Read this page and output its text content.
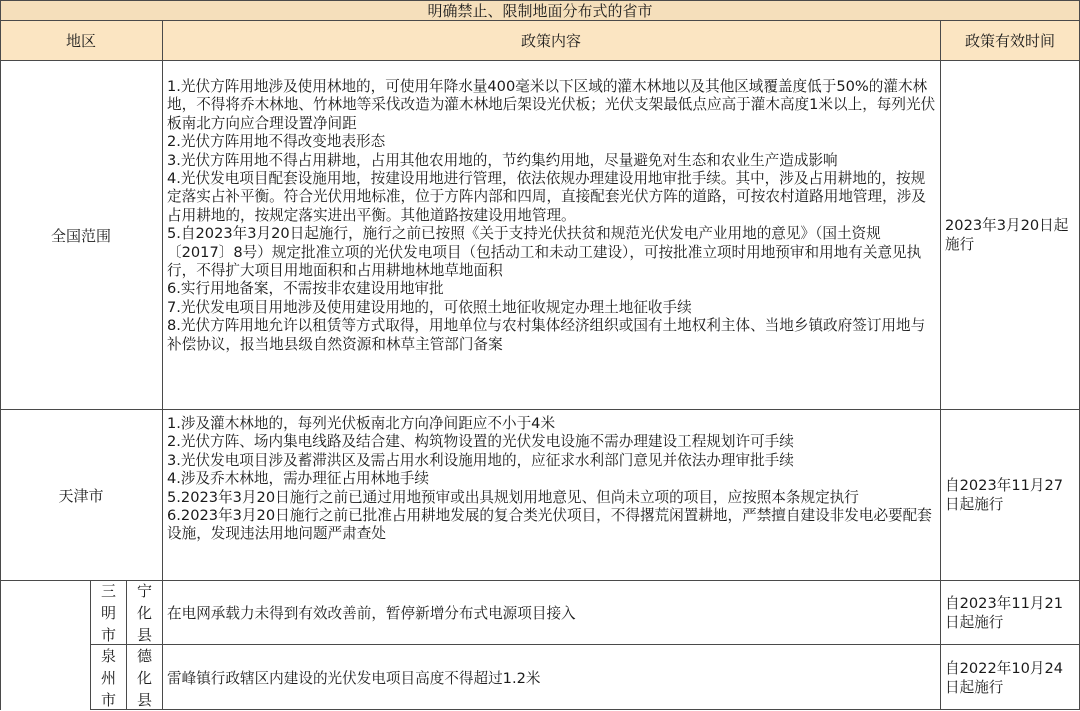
明确禁止、限制地面分布式的省市
地区	政策内容	政策有效时间
全国范围
1.光伏方阵用地涉及使用林地的，可使用年降水量400毫米以下区域的灌木林地以及其他区域覆盖度低于50%的灌木林地，不得将乔木林地、竹林地等采伐改造为灌木林地后架设光伏板；光伏支架最低点应高于灌木高度1米以上，每列光伏板南北方向应合理设置净间距
2.光伏方阵用地不得改变地表形态
3.光伏方阵用地不得占用耕地，占用其他农用地的，节约集约用地，尽量避免对生态和农业生产造成影响
4.光伏发电项目配套设施用地，按建设用地进行管理，依法依规办理建设用地审批手续。其中，涉及占用耕地的，按规定落实占补平衡。符合光伏用地标准，位于方阵内部和四周，直接配套光伏方阵的道路，可按农村道路用地管理，涉及占用耕地的，按规定落实进出平衡。其他道路按建设用地管理。
5.自2023年3月20日起施行，施行之前已按照《关于支持光伏扶贫和规范光伏发电产业用地的意见》（国土资规〔2017〕8号）规定批准立项的光伏发电项目（包括动工和未动工建设），可按批准立项时用地预审和用地有关意见执行，不得扩大项目用地面积和占用耕地林地草地面积
6.实行用地备案，不需按非农建设用地审批
7.光伏发电项目用地涉及使用建设用地的，可依照土地征收规定办理土地征收手续
8.光伏方阵用地允许以租赁等方式取得，用地单位与农村集体经济组织或国有土地权利主体、当地乡镇政府签订用地与补偿协议，报当地县级自然资源和林草主管部门备案
2023年3月20日起施行
天津市
1.涉及灌木林地的，每列光伏板南北方向净间距应不小于4米
2.光伏方阵、场内集电线路及结合建、构筑物设置的光伏发电设施不需办理建设工程规划许可手续
3.光伏发电项目涉及蓄滞洪区及需占用水利设施用地的，应征求水利部门意见并依法办理审批手续
4.涉及乔木林地，需办理征占用林地手续
5.2023年3月20日施行之前已通过用地预审或出具规划用地意见、但尚未立项的项目，应按照本条规定执行
6.2023年3月20日施行之前已批准占用耕地发展的复合类光伏项目，不得撂荒闲置耕地，严禁擅自建设非发电必要配套设施，发现违法用地问题严肃查处
自2023年11月27日起施行
三
明
市
宁
化
县
在电网承载力未得到有效改善前，暂停新增分布式电源项目接入
自2023年11月21日起施行
泉
州
市
德
化
县
雷峰镇行政辖区内建设的光伏发电项目高度不得超过1.2米
自2022年10月24日起施行
